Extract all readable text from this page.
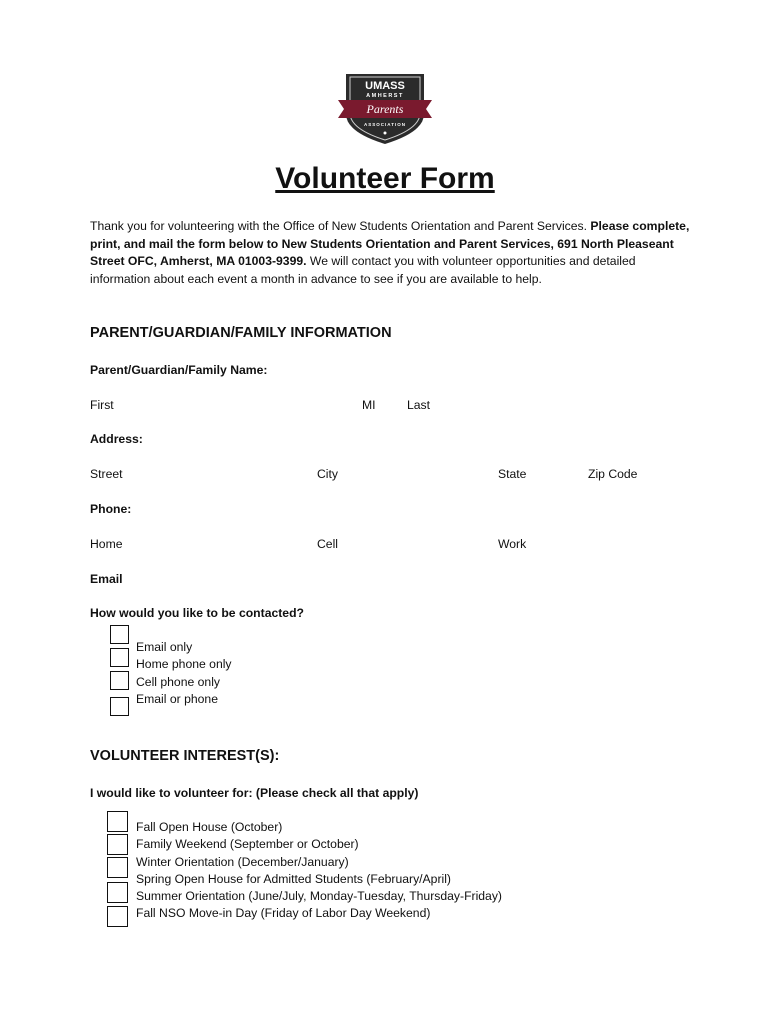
UMASS
AMHERST
Parents
ASSOCIATION
Volunteer Form
Thank you for volunteering with the Office of New Students Orientation and Parent Services. Please complete, print, and mail the form below to New Students Orientation and Parent Services, 691 North Pleaseant Street OFC, Amherst, MA 01003-9399. We will contact you with volunteer opportunities and detailed information about each event a month in advance to see if you are available to help.
PARENT/GUARDIAN/FAMILY INFORMATION
Parent/Guardian/Family Name:
First	MI	Last
Address:
Street	City	State	Zip Code
Phone:
Home	Cell	Work
Email
How would you like to be contacted?
Email only
Home phone only
Cell phone only
Email or phone
VOLUNTEER INTEREST(S):
I would like to volunteer for: (Please check all that apply)
Fall Open House (October)
Family Weekend (September or October)
Winter Orientation (December/January)
Spring Open House for Admitted Students (February/April)
Summer Orientation (June/July, Monday-Tuesday, Thursday-Friday)
Fall NSO Move-in Day (Friday of Labor Day Weekend)
